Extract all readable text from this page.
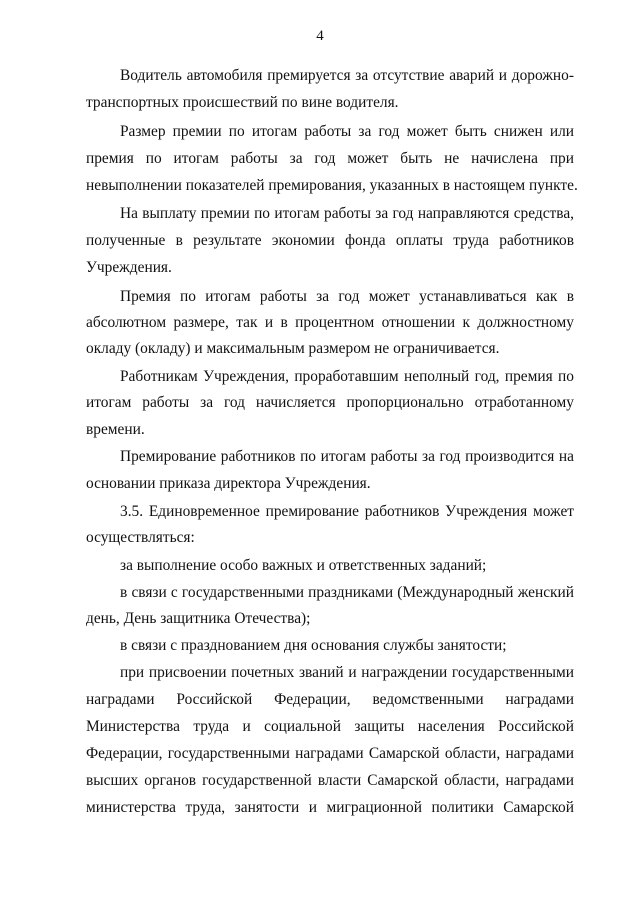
4
Водитель автомобиля премируется за отсутствие аварий и дорожно-
транспортных происшествий по вине водителя.
Размер премии по итогам работы за год может быть снижен или
премия по итогам работы за год может быть не начислена при
невыполнении показателей премирования, указанных в настоящем пункте.
На выплату премии по итогам работы за год направляются средства,
полученные в результате экономии фонда оплаты труда работников
Учреждения.
Премия по итогам работы за год может устанавливаться как в
абсолютном размере, так и в процентном отношении к должностному
окладу (окладу) и максимальным размером не ограничивается.
Работникам Учреждения, проработавшим неполный год, премия по
итогам работы за год начисляется пропорционально отработанному
времени.
Премирование работников по итогам работы за год производится на
основании приказа директора Учреждения.
3.5. Единовременное премирование работников Учреждения может
осуществляться:
за выполнение особо важных и ответственных заданий;
в связи с государственными праздниками (Международный женский
день, День защитника Отечества);
в связи с празднованием дня основания службы занятости;
при присвоении почетных званий и награждении государственными
наградами Российской Федерации, ведомственными наградами
Министерства труда и социальной защиты населения Российской
Федерации, государственными наградами Самарской области, наградами
высших органов государственной власти Самарской области, наградами
министерства труда, занятости и миграционной политики Самарской
